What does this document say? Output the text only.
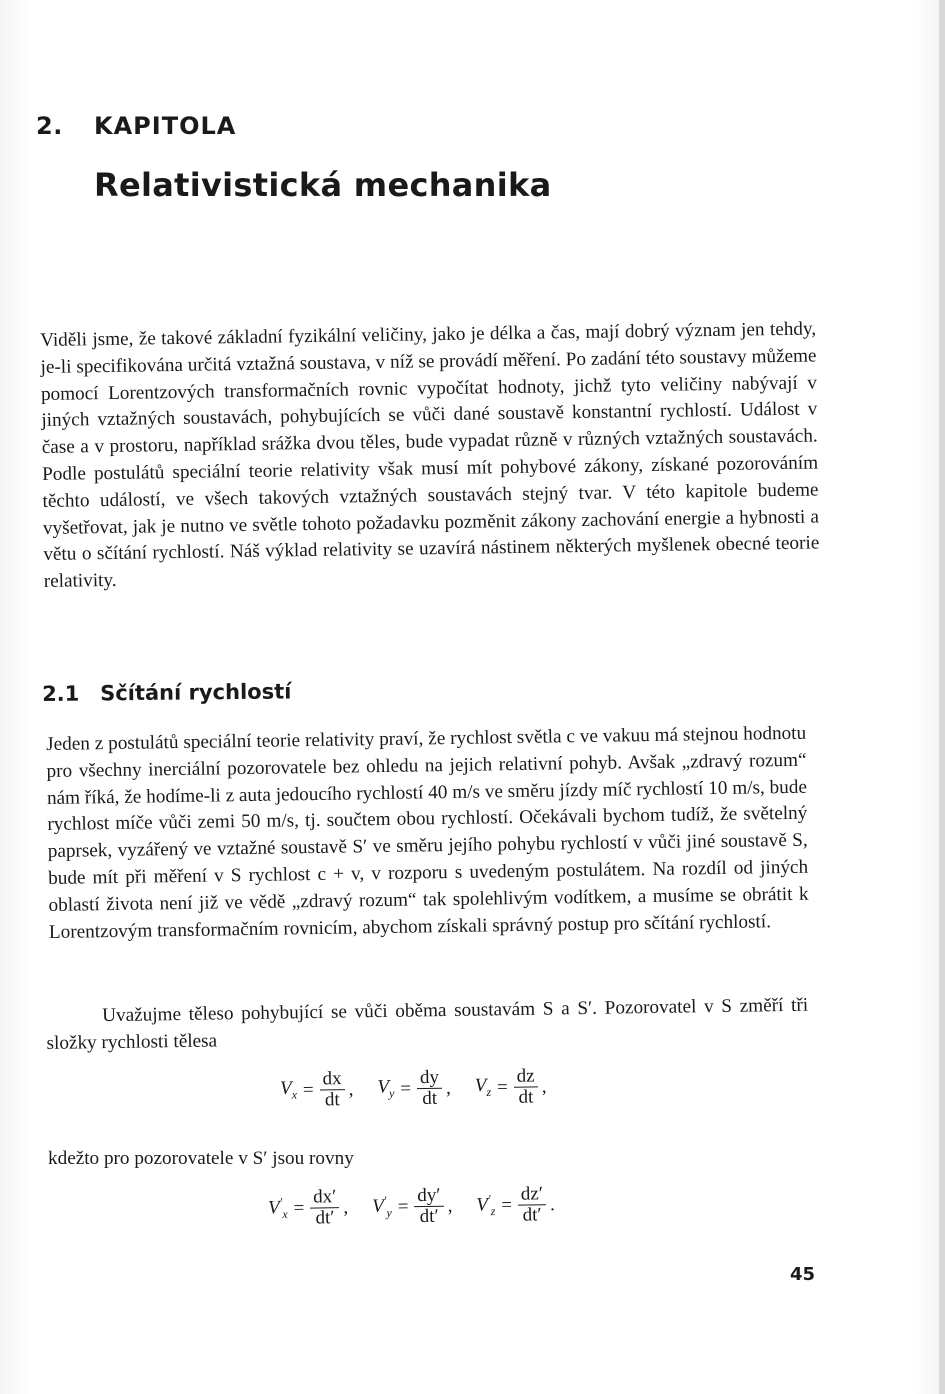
2. KAPITOLA
Relativistická mechanika

Viděli jsme, že takové základní fyzikální veličiny, jako je délka a čas, mají dobrý význam jen tehdy, je-li specifikována určitá vztažná soustava, v níž se provádí měření. Po zadání této soustavy můžeme pomocí Lorentzových transformačních rovnic vypočítat hodnoty, jichž tyto veličiny nabývají v jiných vztažných soustavách, pohybujících se vůči dané soustavě konstantní rychlostí. Událost v čase a v prostoru, například srážka dvou těles, bude vypadat různě v různých vztažných soustavách. Podle postulátů speciální teorie relativity však musí mít pohybové zákony, získané pozorováním těchto událostí, ve všech takových vztažných soustavách stejný tvar. V této kapitole budeme vyšetřovat, jak je nutno ve světle tohoto požadavku pozměnit zákony zachování energie a hybnosti a větu o sčítání rychlostí. Náš výklad relativity se uzavírá nástinem některých myšlenek obecné teorie relativity.

2.1 Sčítání rychlostí

Jeden z postulátů speciální teorie relativity praví, že rychlost světla c ve vakuu má stejnou hodnotu pro všechny inerciální pozorovatele bez ohledu na jejich relativní pohyb. Avšak „zdravý rozum“ nám říká, že hodíme-li z auta jedoucího rychlostí 40 m/s ve směru jízdy míč rychlostí 10 m/s, bude rychlost míče vůči zemi 50 m/s, tj. součtem obou rychlostí. Očekávali bychom tudíž, že světelný paprsek, vyzářený ve vztažné soustavě S′ ve směru jejího pohybu rychlostí v vůči jiné soustavě S, bude mít při měření v S rychlost c + v, v rozporu s uvedeným postulátem. Na rozdíl od jiných oblastí života není již ve vědě „zdravý rozum“ tak spolehlivým vodítkem, a musíme se obrátit k Lorentzovým transformačním rovnicím, abychom získali správný postup pro sčítání rychlostí.

Uvažujme těleso pohybující se vůči oběma soustavám S a S′. Pozorovatel v S změří tři složky rychlosti tělesa

$V_x = \frac{dx}{dt}$ , $V_y = \frac{dy}{dt}$ , $V_z = \frac{dz}{dt}$ ,
kdežto pro pozorovatele v S′ jsou rovny
$V'_x = \frac{dx'}{dt'}$ , $V'_y = \frac{dy'}{dt'}$ , $V'_z = \frac{dz'}{dt'}$ .
45
